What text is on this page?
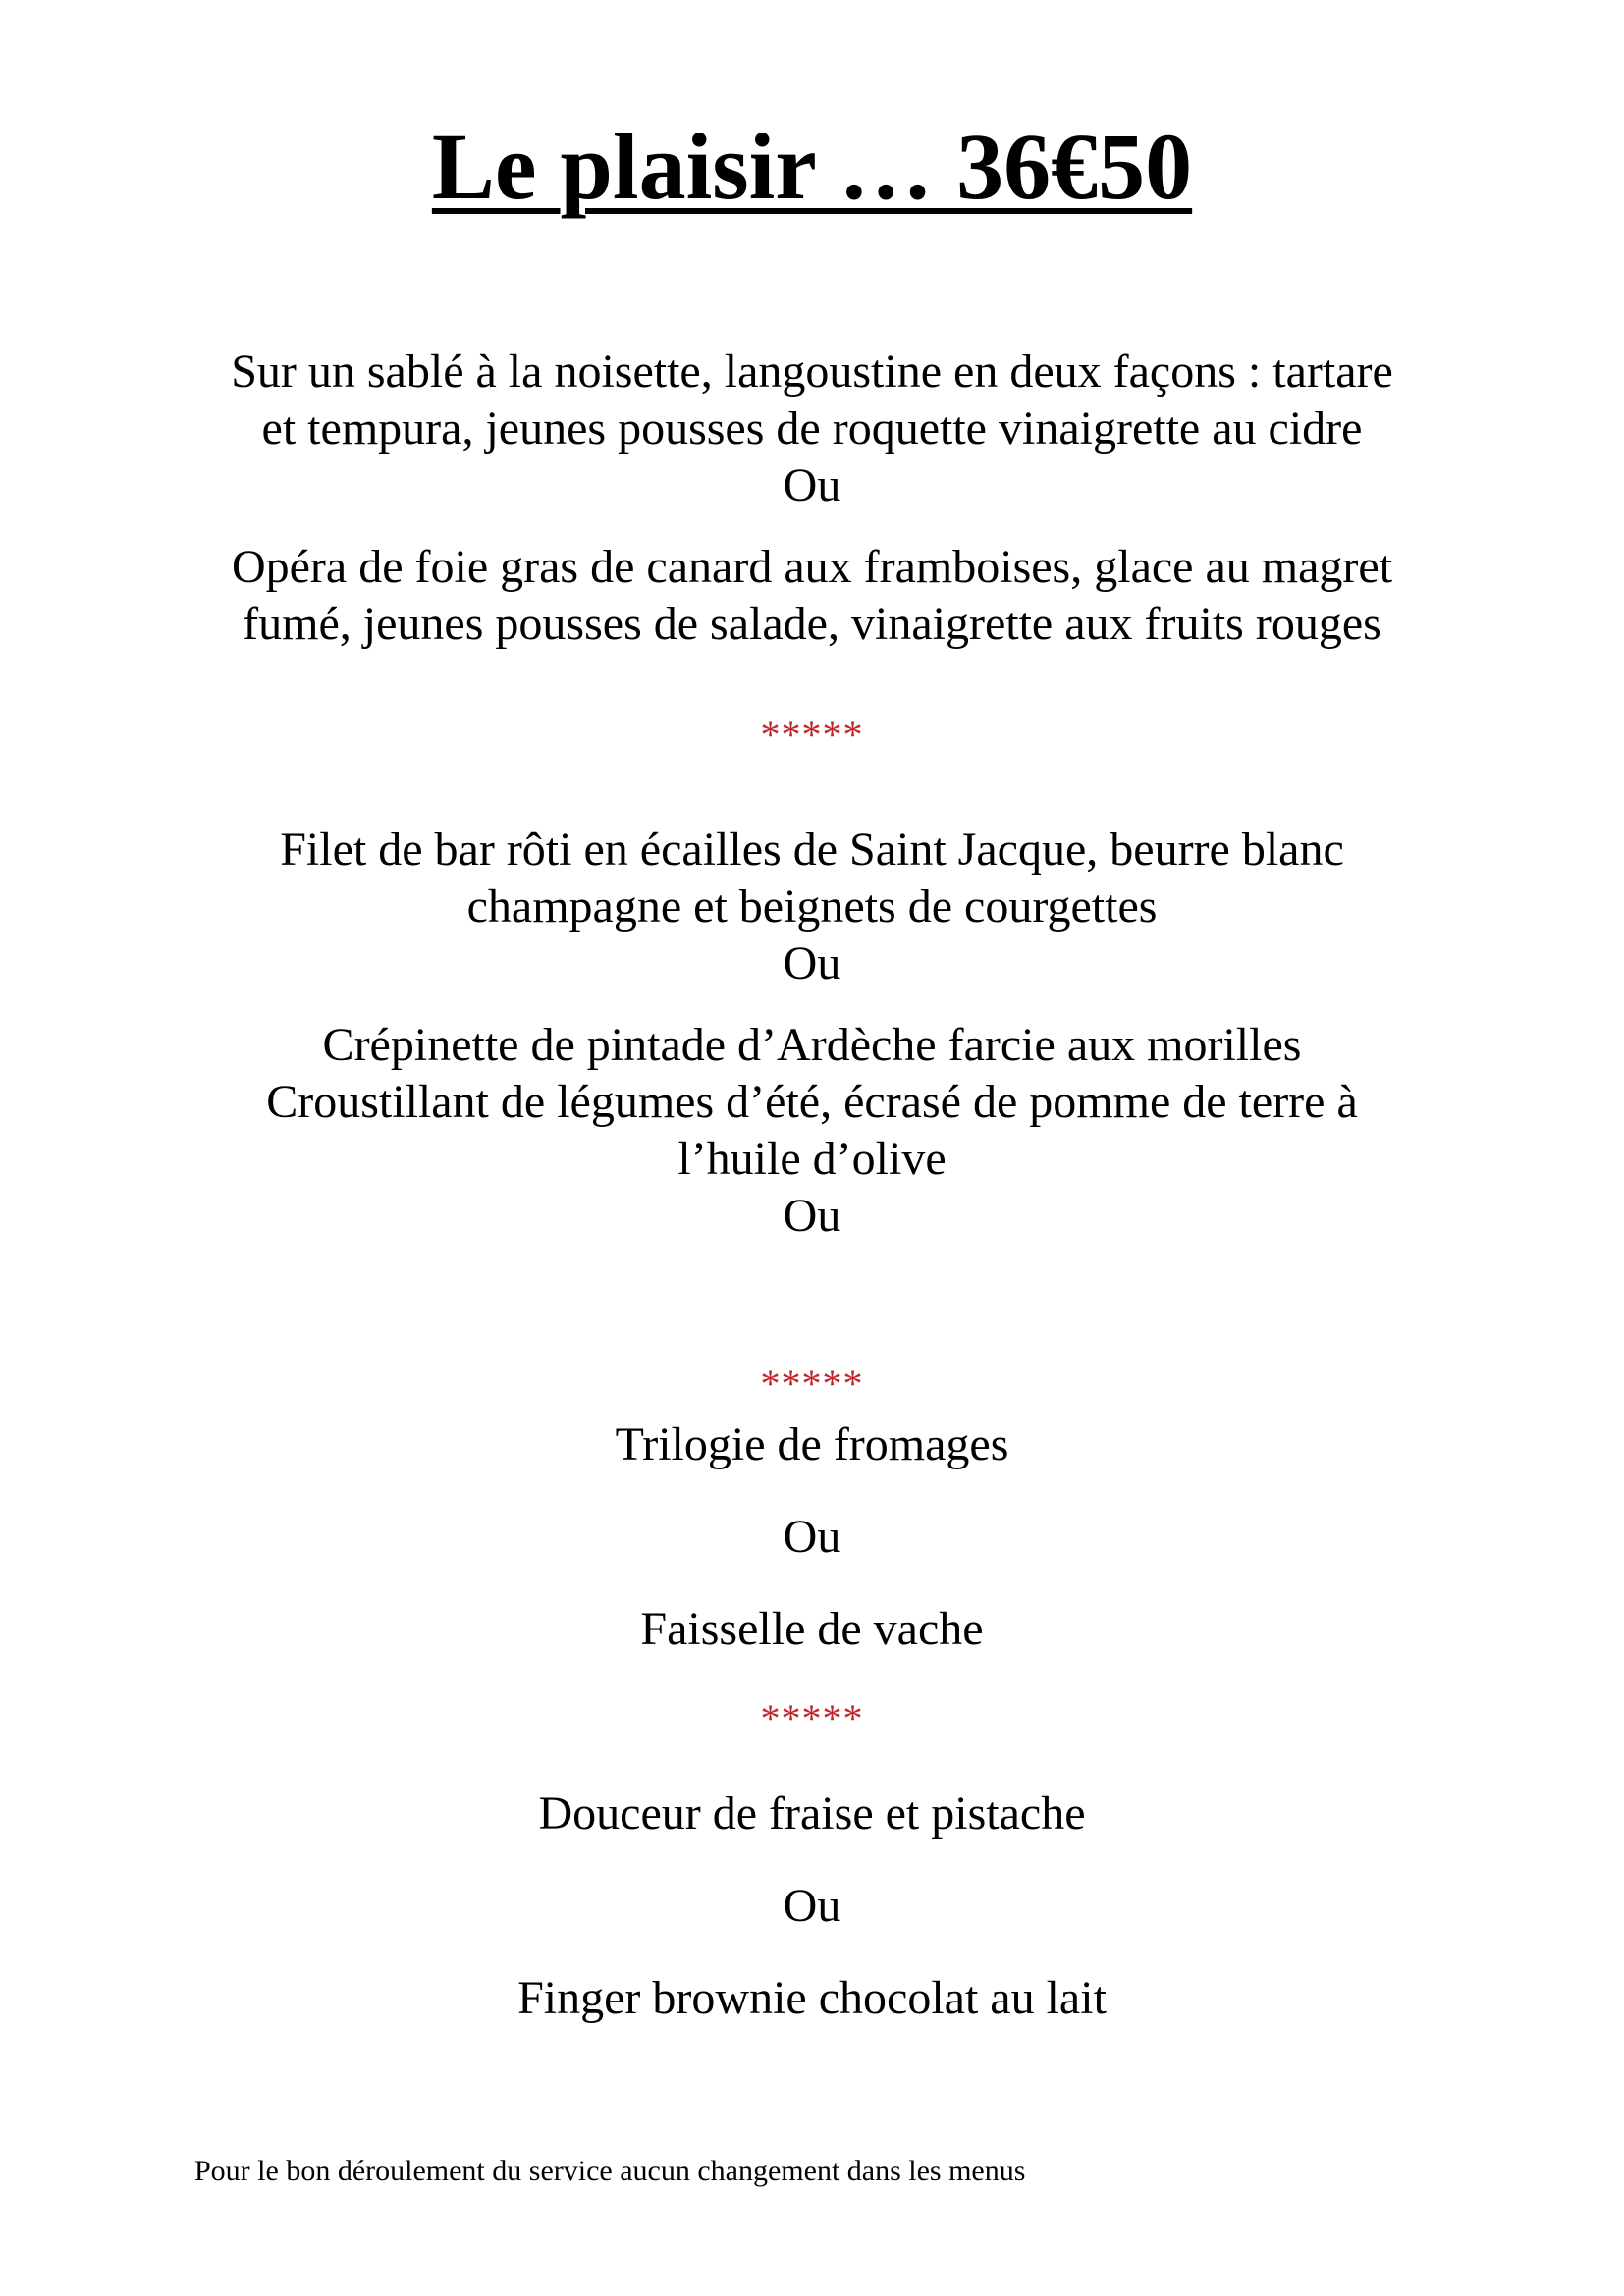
Le plaisir … 36€50

Sur un sablé à la noisette, langoustine en deux façons : tartare

et tempura, jeunes pousses de roquette vinaigrette au cidre

Ou

Opéra de foie gras de canard aux framboises, glace au magret

fumé, jeunes pousses de salade, vinaigrette aux fruits rouges

*****

Filet de bar rôti en écailles de Saint Jacque, beurre blanc

champagne et beignets de courgettes

Ou

Crépinette de pintade d’Ardèche farcie aux morilles

Croustillant de légumes d’été, écrasé de pomme de terre à

l’huile d’olive

Ou

*****

Trilogie de fromages

Ou

Faisselle de vache

*****

Douceur de fraise et pistache

Ou

Finger brownie chocolat au lait

Pour le bon déroulement du service aucun changement dans les menus
